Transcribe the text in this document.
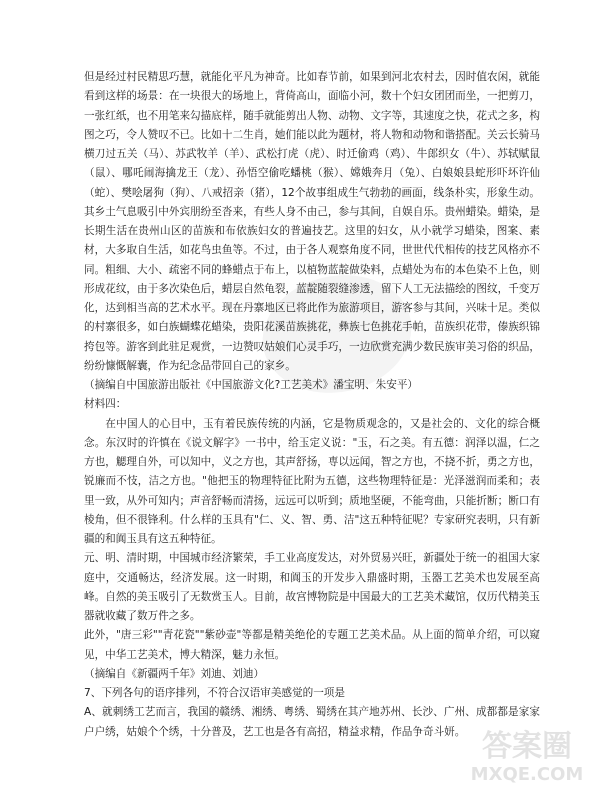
但是经过村民精思巧慧，就能化平凡为神奇。比如春节前，如果到河北农村去，因时值农闲，就能看到这样的场景：在一块很大的场地上，背倚高山，面临小河，数十个妇女团团而坐，一把剪刀，一张红纸，也不用笔来勾描底样，随手就能剪出人物、动物、文字等，其速度之快，花式之多，构图之巧，令人赞叹不已。比如十二生肖，她们能以此为题材，将人物和动物和谐搭配。关云长骑马横刀过五关（马）、苏武牧羊（羊）、武松打虎（虎）、时迁偷鸡（鸡）、牛郎织女（牛）、苏轼赋鼠（鼠）、哪吒闹海擒龙王（龙）、孙悟空偷吃蟠桃（猴）、嫦娥奔月（兔）、白娘娘县蛇形吓坏许仙（蛇）、樊哙屠狗（狗）、八戒招亲（猪），12个故事组成生气勃勃的画面，线条朴实，形象生动。其乡土气息吸引中外宾朋纷至沓来，有些人身不由己，参与其间，自娱自乐。贵州蜡染。蜡染，是长期生活在贵州山区的苗族和布依族妇女的普遍技艺。这里的妇女，从小就学习蜡染，图案、素材，大多取自生活，如花鸟虫鱼等。不过，由于各人观察角度不同，世世代代相传的技艺风格亦不同。粗细、大小、疏密不同的蜂蜡点于布上，以植物蓝靛做染料，点蜡处为布的本色染不上色，则形成花纹，由于多次染色后，蜡层自然龟裂，蓝靛随裂缝渗透，留下人工无法描绘的图纹，千变万化，达到相当高的艺术水平。现在丹寨地区已将此作为旅游项目，游客参与其间，兴味十足。类似的村寨很多，如白族蝴蝶花蜡染，贵阳花溪苗族挑花，彝族七色挑花手帕，苗族织花带，傣族织锦挎包等。游客到此驻足观赏，一边赞叹姑娘们心灵手巧，一边欣赏充满少数民族审美习俗的织品，纷纷慷慨解囊，作为纪念品带回自己的家乡。

（摘编自中国旅游出版社《中国旅游文化?工艺美术》潘宝明、朱安平）

材料四：

在中国人的心目中，玉有着民族传统的内涵，它是物质观念的，又是社会的、文化的综合概念。东汉时的许慎在《说文解字》一书中，给玉定义说："玉，石之美。有五德：润泽以温，仁之方也，䚡理自外，可以知中，义之方也，其声舒扬，専以远闻，智之方也，不挠不折，勇之方也，锐廉而不忮，洁之方也。"他把玉的物理特征比附为五德，这些物理特征是：光泽滋润而柔和；表里一致，从外可知内；声音舒畅而清扬，远远可以听到；质地坚硬，不能弯曲，只能折断；断口有棱角，但不很锋利。什么样的玉具有"仁、义、智、勇、洁"这五种特征呢？专家研究表明，只有新疆的和阗玉具有这五种特征。

元、明、清时期，中国城市经济繁荣，手工业高度发达，对外贸易兴旺，新疆处于统一的祖国大家庭中，交通畅达，经济发展。这一时期，和阗玉的开发步入鼎盛时期，玉器工艺美术也发展至高峰。自然的美玉吸引了无数赏玉人。目前，故宫博物院是中国最大的工艺美术藏馆，仅历代精美玉器就收藏了数万件之多。

此外，"唐三彩""青花瓷""紫砂壶"等都是精美绝伦的专题工艺美术品。从上面的简单介绍，可以窥见，中华工艺美术，博大精深，魅力永恒。

（摘编自《新疆两千年》刘迪、刘迪）

7、下列各句的语序排列，不符合汉语审美感觉的一项是

A、就刺绣工艺而言，我国的赣绣、湘绣、粤绣、蜀绣在其产地苏州、长沙、广州、成都都是家家户户绣，姑娘个个绣，十分普及，艺工也是各有高招，精益求精，作品争奇斗妍。 答案圈
MXQE.COM
